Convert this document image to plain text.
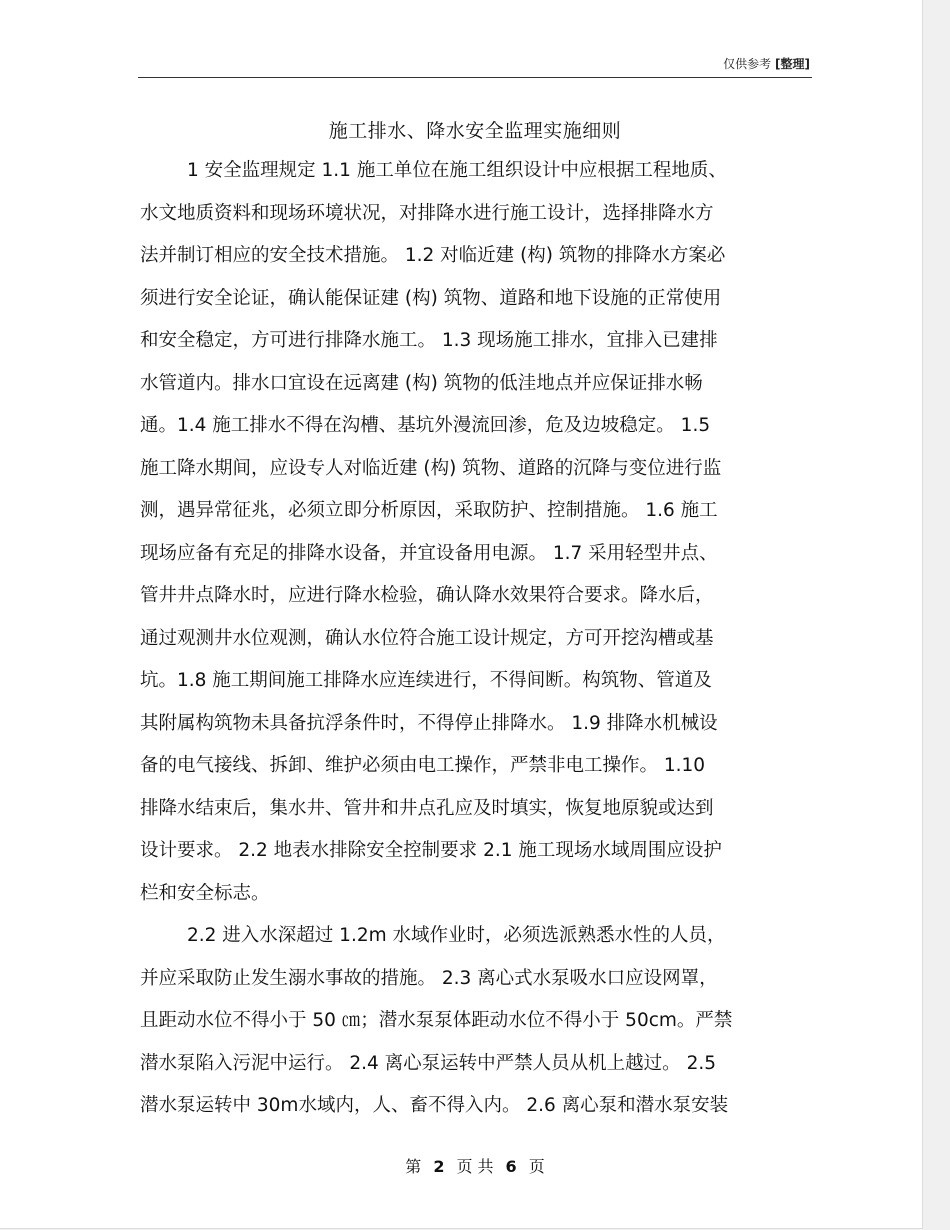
仅供参考 [整理]
施工排水、降水安全监理实施细则
1 安全监理规定 1.1 施工单位在施工组织设计中应根据工程地质、
水文地质资料和现场环境状况，对排降水进行施工设计，选择排降水方
法并制订相应的安全技术措施。 1.2 对临近建 (构) 筑物的排降水方案必
须进行安全论证，确认能保证建 (构) 筑物、道路和地下设施的正常使用
和安全稳定，方可进行排降水施工。 1.3 现场施工排水，宜排入已建排
水管道内。排水口宜设在远离建 (构) 筑物的低洼地点并应保证排水畅
通。1.4 施工排水不得在沟槽、基坑外漫流回渗，危及边坡稳定。 1.5
施工降水期间，应设专人对临近建 (构) 筑物、道路的沉降与变位进行监
测，遇异常征兆，必须立即分析原因，采取防护、控制措施。 1.6 施工
现场应备有充足的排降水设备，并宜设备用电源。 1.7 采用轻型井点、
管井井点降水时，应进行降水检验，确认降水效果符合要求。降水后，
通过观测井水位观测，确认水位符合施工设计规定，方可开挖沟槽或基
坑。1.8 施工期间施工排降水应连续进行，不得间断。构筑物、管道及
其附属构筑物未具备抗浮条件时，不得停止排降水。 1.9 排降水机械设
备的电气接线、拆卸、维护必须由电工操作，严禁非电工操作。 1.10
排降水结束后，集水井、管井和井点孔应及时填实，恢复地原貌或达到
设计要求。 2.2 地表水排除安全控制要求 2.1 施工现场水域周围应设护
栏和安全标志。
2.2 进入水深超过 1.2m 水域作业时，必须选派熟悉水性的人员，
并应采取防止发生溺水事故的措施。 2.3 离心式水泵吸水口应设网罩，
且距动水位不得小于 50 ㎝；潜水泵泵体距动水位不得小于 50cm。严禁
潜水泵陷入污泥中运行。 2.4 离心泵运转中严禁人员从机上越过。 2.5
潜水泵运转中 30m水域内，人、畜不得入内。 2.6 离心泵和潜水泵安装
第 2 页 共 6 页
